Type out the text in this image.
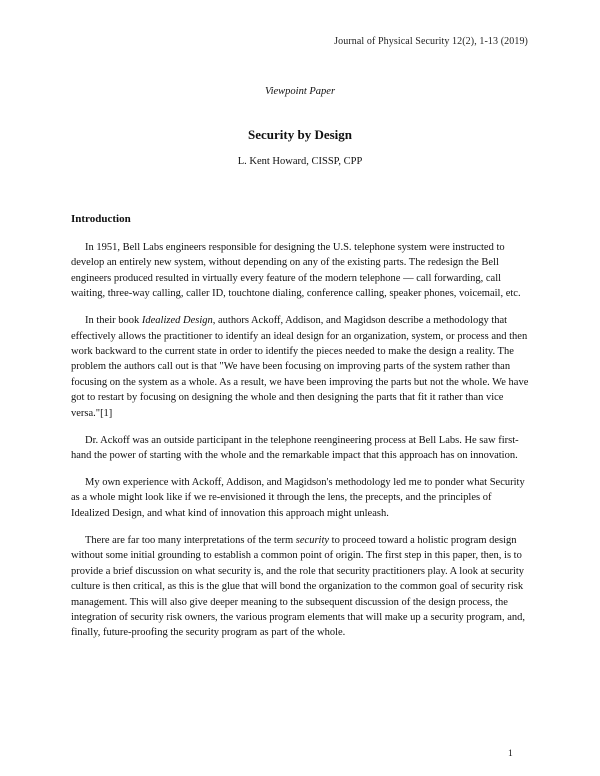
Journal of Physical Security 12(2), 1-13 (2019)
Viewpoint Paper
Security by Design
L. Kent Howard, CISSP, CPP
Introduction

In 1951, Bell Labs engineers responsible for designing the U.S. telephone system were instructed to develop an entirely new system, without depending on any of the existing parts. The redesign the Bell engineers produced resulted in virtually every feature of the modern telephone — call forwarding, call waiting, three-way calling, caller ID, touchtone dialing, conference calling, speaker phones, voicemail, etc.

In their book Idealized Design, authors Ackoff, Addison, and Magidson describe a methodology that effectively allows the practitioner to identify an ideal design for an organization, system, or process and then work backward to the current state in order to identify the pieces needed to make the design a reality. The problem the authors call out is that "We have been focusing on improving parts of the system rather than focusing on the system as a whole. As a result, we have been improving the parts but not the whole. We have got to restart by focusing on designing the whole and then designing the parts that fit it rather than vice versa."[1]

Dr. Ackoff was an outside participant in the telephone reengineering process at Bell Labs. He saw first-hand the power of starting with the whole and the remarkable impact that this approach has on innovation.

My own experience with Ackoff, Addison, and Magidson's methodology led me to ponder what Security as a whole might look like if we re-envisioned it through the lens, the precepts, and the principles of Idealized Design, and what kind of innovation this approach might unleash.

There are far too many interpretations of the term security to proceed toward a holistic program design without some initial grounding to establish a common point of origin. The first step in this paper, then, is to provide a brief discussion on what security is, and the role that security practitioners play. A look at security culture is then critical, as this is the glue that will bond the organization to the common goal of security risk management. This will also give deeper meaning to the subsequent discussion of the design process, the integration of security risk owners, the various program elements that will make up a security program, and, finally, future-proofing the security program as part of the whole.

1
